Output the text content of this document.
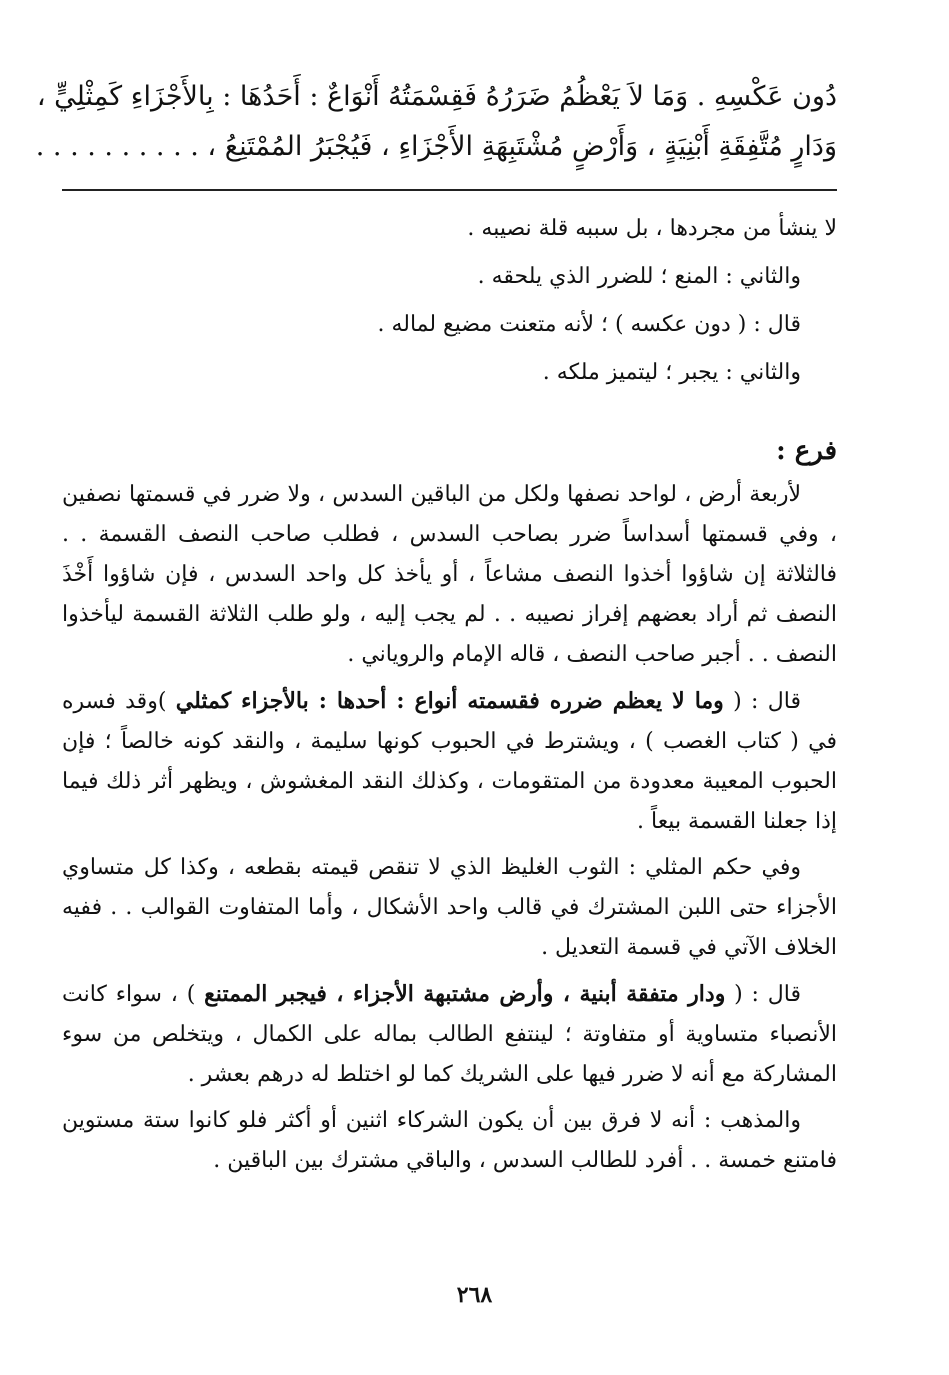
دُون عَكْسِهِ . وَمَا لاَ يَعْظُمُ ضَرَرُهُ فَقِسْمَتُهُ أَنْوَاعٌ : أَحَدُهَا : بِالأَجْزَاءِ كَمِثْلِيٍّ ،
وَدَارٍ مُتَّفِقَةِ أَبْنِيَةٍ ، وَأَرْضٍ مُشْتَبِهَةِ الأَجْزَاءِ ، فَيُجْبَرُ المُمْتَنِعُ ، . . . . . . . . . .

لا ينشأ من مجردها ، بل سببه قلة نصيبه .

والثاني : المنع ؛ للضرر الذي يلحقه .

قال : ( دون عكسه ) ؛ لأنه متعنت مضيع لماله .

والثاني : يجبر ؛ ليتميز ملكه .

فرع :

لأربعة أرض ، لواحد نصفها ولكل من الباقين السدس ، ولا ضرر في قسمتها نصفين ، وفي قسمتها أسداساً ضرر بصاحب السدس ، فطلب صاحب النصف القسمة . . فالثلاثة إن شاؤوا أخذوا النصف مشاعاً ، أو يأخذ كل واحد السدس ، فإن شاؤوا أَخْذَ النصف ثم أراد بعضهم إفراز نصيبه . . لم يجب إليه ، ولو طلب الثلاثة القسمة ليأخذوا النصف . . أجبر صاحب النصف ، قاله الإمام والروياني .

قال : ( وما لا يعظم ضرره فقسمته أنواع : أحدها : بالأجزاء كمثلي )وقد فسره في ( كتاب الغصب ) ، ويشترط في الحبوب كونها سليمة ، والنقد كونه خالصاً ؛ فإن الحبوب المعيبة معدودة من المتقومات ، وكذلك النقد المغشوش ، ويظهر أثر ذلك فيما إذا جعلنا القسمة بيعاً .

وفي حكم المثلي : الثوب الغليظ الذي لا تنقص قيمته بقطعه ، وكذا كل متساوي الأجزاء حتى اللبن المشترك في قالب واحد الأشكال ، وأما المتفاوت القوالب . . ففيه الخلاف الآتي في قسمة التعديل .

قال : ( ودار متفقة أبنية ، وأرض مشتبهة الأجزاء ، فيجبر الممتنع ) ، سواء كانت الأنصباء متساوية أو متفاوتة ؛ لينتفع الطالب بماله على الكمال ، ويتخلص من سوء المشاركة مع أنه لا ضرر فيها على الشريك كما لو اختلط له درهم بعشر .

والمذهب : أنه لا فرق بين أن يكون الشركاء اثنين أو أكثر فلو كانوا ستة مستوين فامتنع خمسة . . أفرد للطالب السدس ، والباقي مشترك بين الباقين .

٢٦٨
